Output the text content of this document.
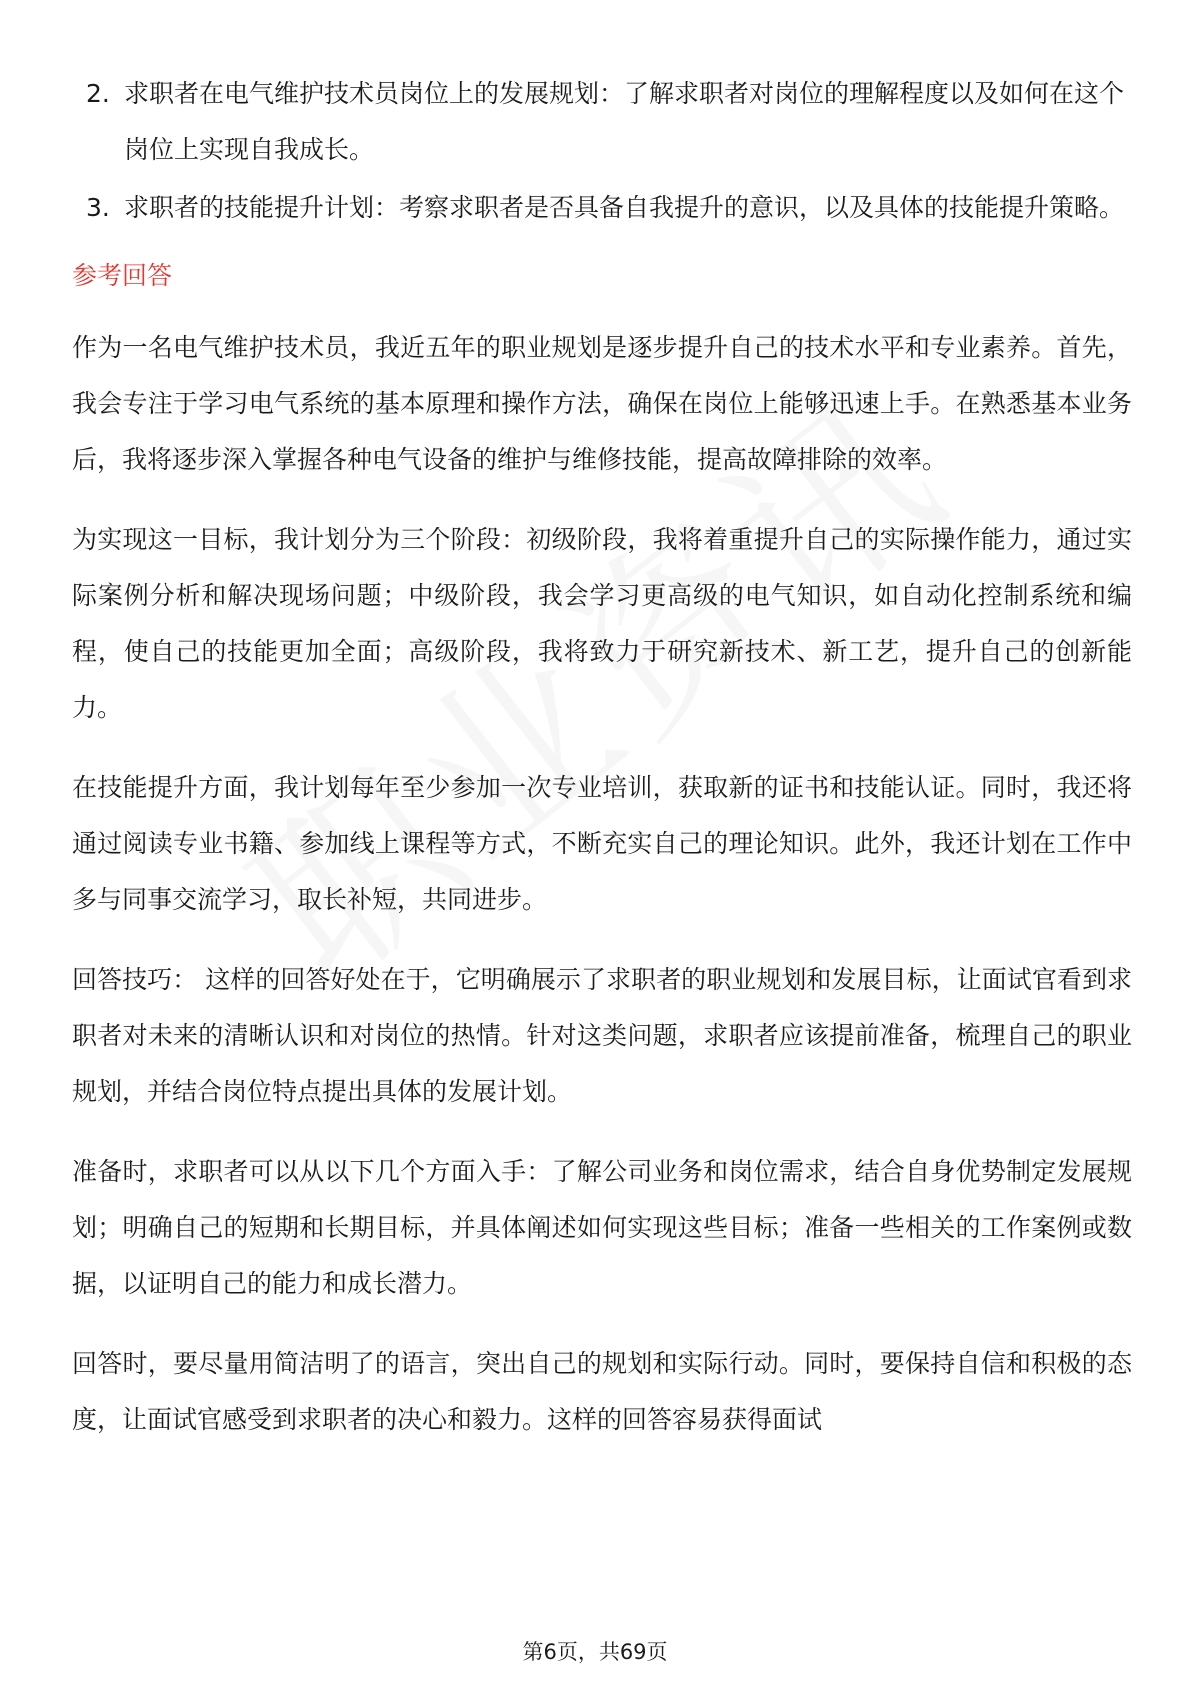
2. 求职者在电气维护技术员岗位上的发展规划：了解求职者对岗位的理解程度以及如何在这个岗位上实现自我成长。
3. 求职者的技能提升计划：考察求职者是否具备自我提升的意识，以及具体的技能提升策略。
参考回答

作为一名电气维护技术员，我近五年的职业规划是逐步提升自己的技术水平和专业素养。首先，我会专注于学习电气系统的基本原理和操作方法，确保在岗位上能够迅速上手。在熟悉基本业务后，我将逐步深入掌握各种电气设备的维护与维修技能，提高故障排除的效率。

为实现这一目标，我计划分为三个阶段：初级阶段，我将着重提升自己的实际操作能力，通过实际案例分析和解决现场问题；中级阶段，我会学习更高级的电气知识，如自动化控制系统和编程，使自己的技能更加全面；高级阶段，我将致力于研究新技术、新工艺，提升自己的创新能力。

在技能提升方面，我计划每年至少参加一次专业培训，获取新的证书和技能认证。同时，我还将通过阅读专业书籍、参加线上课程等方式，不断充实自己的理论知识。此外，我还计划在工作中多与同事交流学习，取长补短，共同进步。

回答技巧： 这样的回答好处在于，它明确展示了求职者的职业规划和发展目标，让面试官看到求职者对未来的清晰认识和对岗位的热情。针对这类问题，求职者应该提前准备，梳理自己的职业规划，并结合岗位特点提出具体的发展计划。

准备时，求职者可以从以下几个方面入手：了解公司业务和岗位需求，结合自身优势制定发展规划；明确自己的短期和长期目标，并具体阐述如何实现这些目标；准备一些相关的工作案例或数据，以证明自己的能力和成长潜力。

回答时，要尽量用简洁明了的语言，突出自己的规划和实际行动。同时，要保持自信和积极的态度，让面试官感受到求职者的决心和毅力。这样的回答容易获得面试

第6页，共69页
